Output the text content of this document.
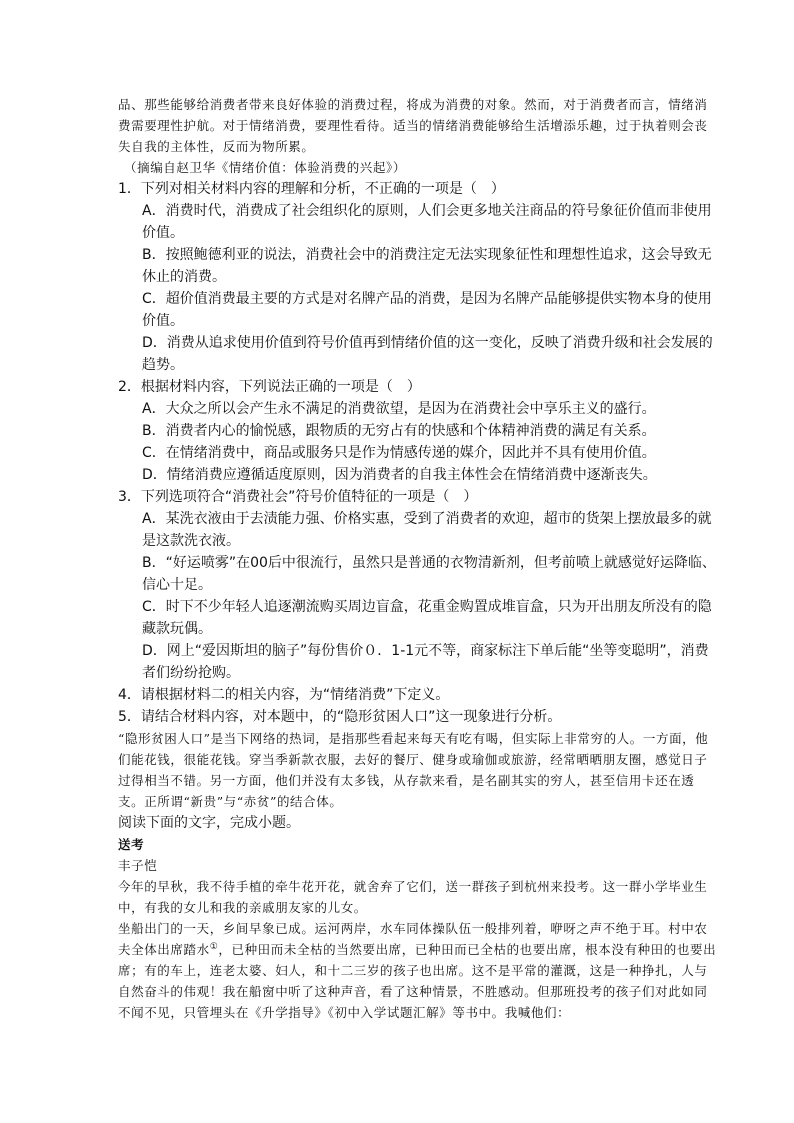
品、那些能够给消费者带来良好体验的消费过程，将成为消费的对象。然而，对于消费者而言，情绪消费需要理性护航。对于情绪消费，要理性看待。适当的情绪消费能够给生活增添乐趣，过于执着则会丧失自我的主体性，反而为物所累。

（摘编自赵卫华《情绪价值：体验消费的兴起》）

1．下列对相关材料内容的理解和分析，不正确的一项是（　）

A．消费时代，消费成了社会组织化的原则，人们会更多地关注商品的符号象征价值而非使用价值。

B．按照鲍德利亚的说法，消费社会中的消费注定无法实现象征性和理想性追求，这会导致无休止的消费。

C．超价值消费最主要的方式是对名牌产品的消费，是因为名牌产品能够提供实物本身的使用价值。

D．消费从追求使用价值到符号价值再到情绪价值的这一变化，反映了消费升级和社会发展的趋势。

2．根据材料内容，下列说法正确的一项是（　）

A．大众之所以会产生永不满足的消费欲望，是因为在消费社会中享乐主义的盛行。

B．消费者内心的愉悦感，跟物质的无穷占有的快感和个体精神消费的满足有关系。

C．在情绪消费中，商品或服务只是作为情感传递的媒介，因此并不具有使用价值。

D．情绪消费应遵循适度原则，因为消费者的自我主体性会在情绪消费中逐渐丧失。

3．下列选项符合“消费社会”符号价值特征的一项是（　）

A．某洗衣液由于去渍能力强、价格实惠，受到了消费者的欢迎，超市的货架上摆放最多的就是这款洗衣液。

B．“好运喷雾”在00后中很流行，虽然只是普通的衣物清新剂，但考前喷上就感觉好运降临、信心十足。

C．时下不少年轻人追逐潮流购买周边盲盒，花重金购置成堆盲盒，只为开出朋友所没有的隐藏款玩偶。

D．网上“爱因斯坦的脑子”每份售价０．1-1元不等，商家标注下单后能“坐等变聪明”，消费者们纷纷抢购。

4．请根据材料二的相关内容，为“情绪消费”下定义。

5．请结合材料内容，对本题中，的“隐形贫困人口”这一现象进行分析。

“隐形贫困人口”是当下网络的热词，是指那些看起来每天有吃有喝，但实际上非常穷的人。一方面，他们能花钱，很能花钱。穿当季新款衣服，去好的餐厅、健身或瑜伽或旅游，经常晒晒朋友圈，感觉日子过得相当不错。另一方面，他们并没有太多钱，从存款来看，是名副其实的穷人，甚至信用卡还在透支。正所谓“新贵”与“赤贫”的结合体。

阅读下面的文字，完成小题。

送考

丰子恺

今年的早秋，我不待手植的牵牛花开花，就舍弃了它们，送一群孩子到杭州来投考。这一群小学毕业生中，有我的女儿和我的亲戚朋友家的儿女。

坐船出门的一天，乡间早象已成。运河两岸，水车同体操队伍一般排列着，咿呀之声不绝于耳。村中农夫全体出席踏水①，已种田而未全枯的当然要出席，已种田而已全枯的也要出席，根本没有种田的也要出席；有的车上，连老太婆、妇人，和十二三岁的孩子也出席。这不是平常的灌溉，这是一种挣扎，人与自然奋斗的伟观！我在船窗中听了这种声音，看了这种情景，不胜感动。但那班投考的孩子们对此如同不闻不见，只管埋头在《升学指导》《初中入学试题汇解》等书中。我喊他们：
